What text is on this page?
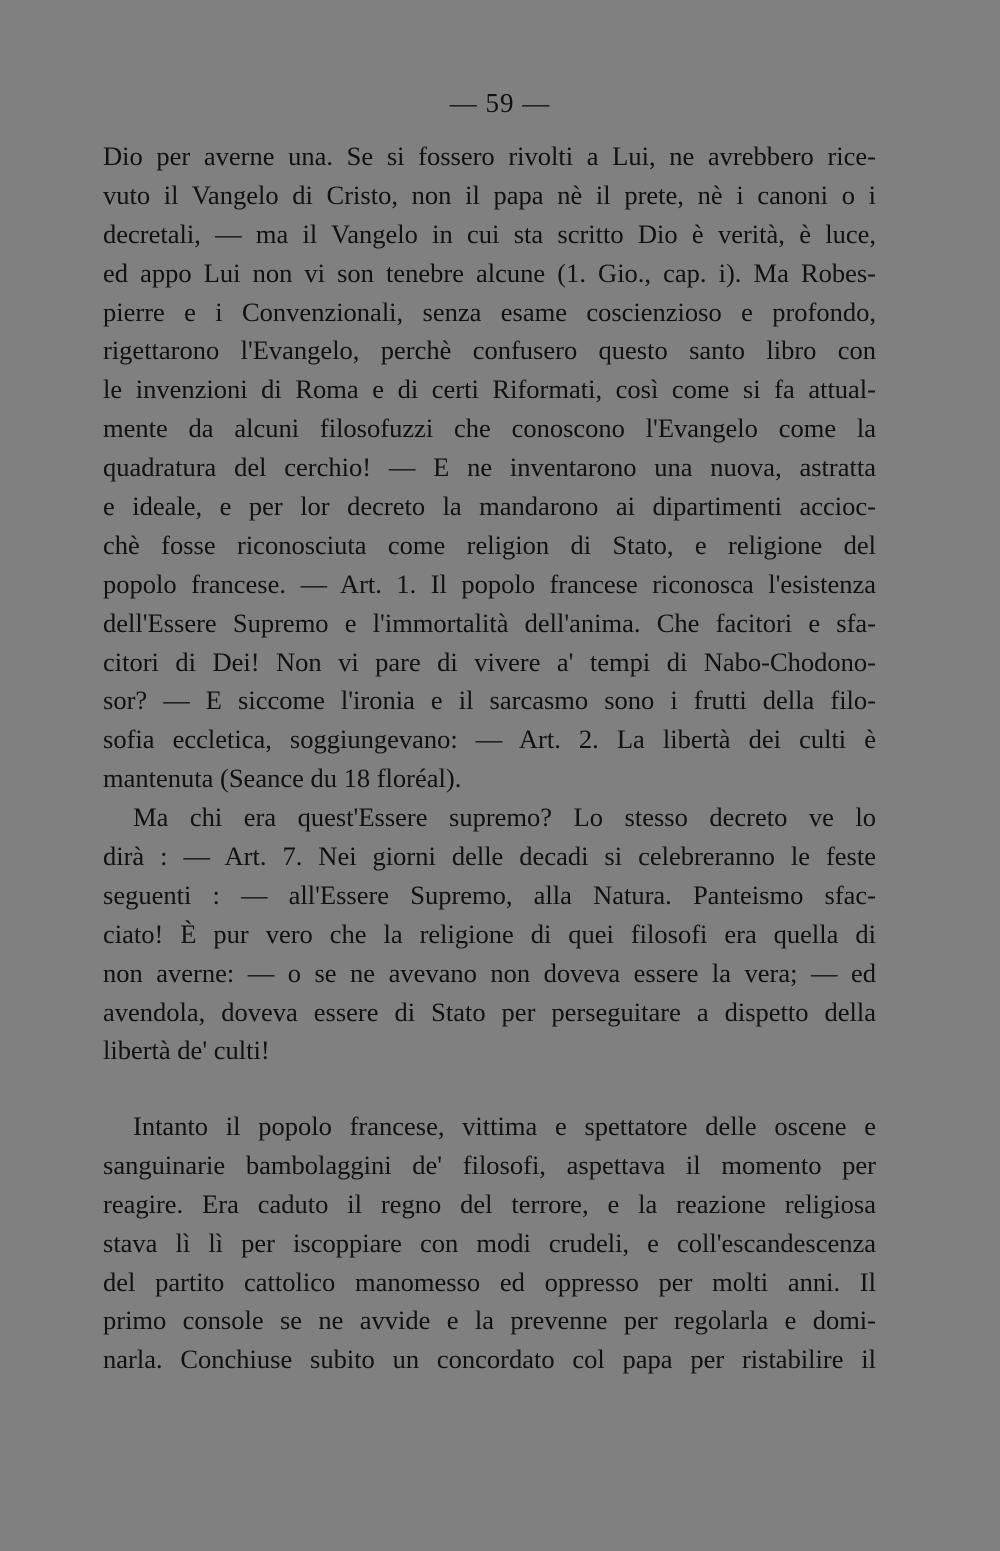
— 59 —
Dio per averne una. Se si fossero rivolti a Lui, ne avrebbero rice-
vuto il Vangelo di Cristo, non il papa nè il prete, nè i canoni o i
decretali, — ma il Vangelo in cui sta scritto Dio è verità, è luce,
ed appo Lui non vi son tenebre alcune (1. Gio., cap. i). Ma Robes-
pierre e i Convenzionali, senza esame coscienzioso e profondo,
rigettarono l'Evangelo, perchè confusero questo santo libro con
le invenzioni di Roma e di certi Riformati, così come si fa attual-
mente da alcuni filosofuzzi che conoscono l'Evangelo come la
quadratura del cerchio! — E ne inventarono una nuova, astratta
e ideale, e per lor decreto la mandarono ai dipartimenti accioc-
chè fosse riconosciuta come religion di Stato, e religione del
popolo francese. — Art. 1. Il popolo francese riconosca l'esistenza
dell'Essere Supremo e l'immortalità dell'anima. Che facitori e sfa-
citori di Dei! Non vi pare di vivere a' tempi di Nabo-Chodono-
sor? — E siccome l'ironia e il sarcasmo sono i frutti della filo-
sofia eccletica, soggiungevano: — Art. 2. La libertà dei culti è
mantenuta (Seance du 18 floréal).
Ma chi era quest'Essere supremo? Lo stesso decreto ve lo
dirà : — Art. 7. Nei giorni delle decadi si celebreranno le feste
seguenti : — all'Essere Supremo, alla Natura. Panteismo sfac-
ciato! È pur vero che la religione di quei filosofi era quella di
non averne: — o se ne avevano non doveva essere la vera; — ed
avendola, doveva essere di Stato per perseguitare a dispetto della
libertà de' culti!
Intanto il popolo francese, vittima e spettatore delle oscene e
sanguinarie bambolaggini de' filosofi, aspettava il momento per
reagire. Era caduto il regno del terrore, e la reazione religiosa
stava lì lì per iscoppiare con modi crudeli, e coll'escandescenza
del partito cattolico manomesso ed oppresso per molti anni. Il
primo console se ne avvide e la prevenne per regolarla e domi-
narla. Conchiuse subito un concordato col papa per ristabilire il
